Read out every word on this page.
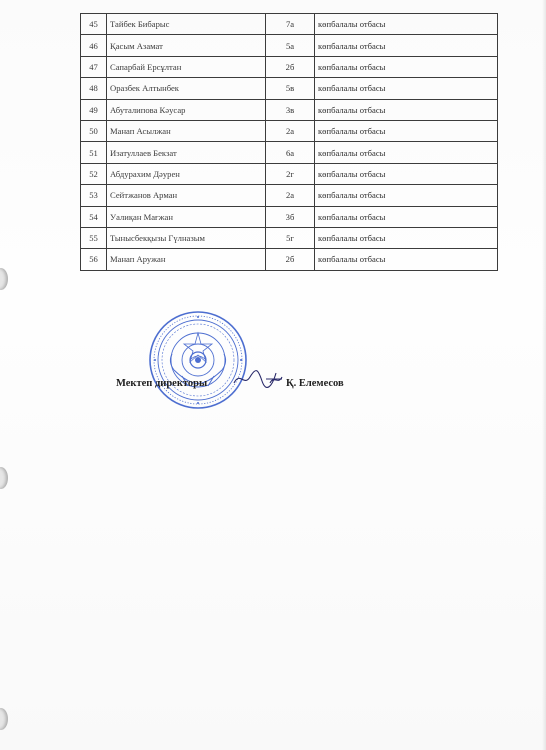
45	Тайбек Бибарыс	7а	көпбалалы отбасы
46	Қасым Азамат	5а	көпбалалы отбасы
47	Сапарбай Ерсұлтан	2б	көпбалалы отбасы
48	Оразбек Алтынбек	5в	көпбалалы отбасы
49	Абуталипова Кәусар	3в	көпбалалы отбасы
50	Манап Асылжан	2а	көпбалалы отбасы
51	Изатуллаев Бекзат	6а	көпбалалы отбасы
52	Абдурахим Дәурен	2г	көпбалалы отбасы
53	Сейтжанов Арман	2а	көпбалалы отбасы
54	Уалиқан Мағжан	3б	көпбалалы отбасы
55	Тынысбекқызы Гүлназым	5г	көпбалалы отбасы
56	Манап Аружан	2б	көпбалалы отбасы
Мектеп директоры	Қ. Елемесов
